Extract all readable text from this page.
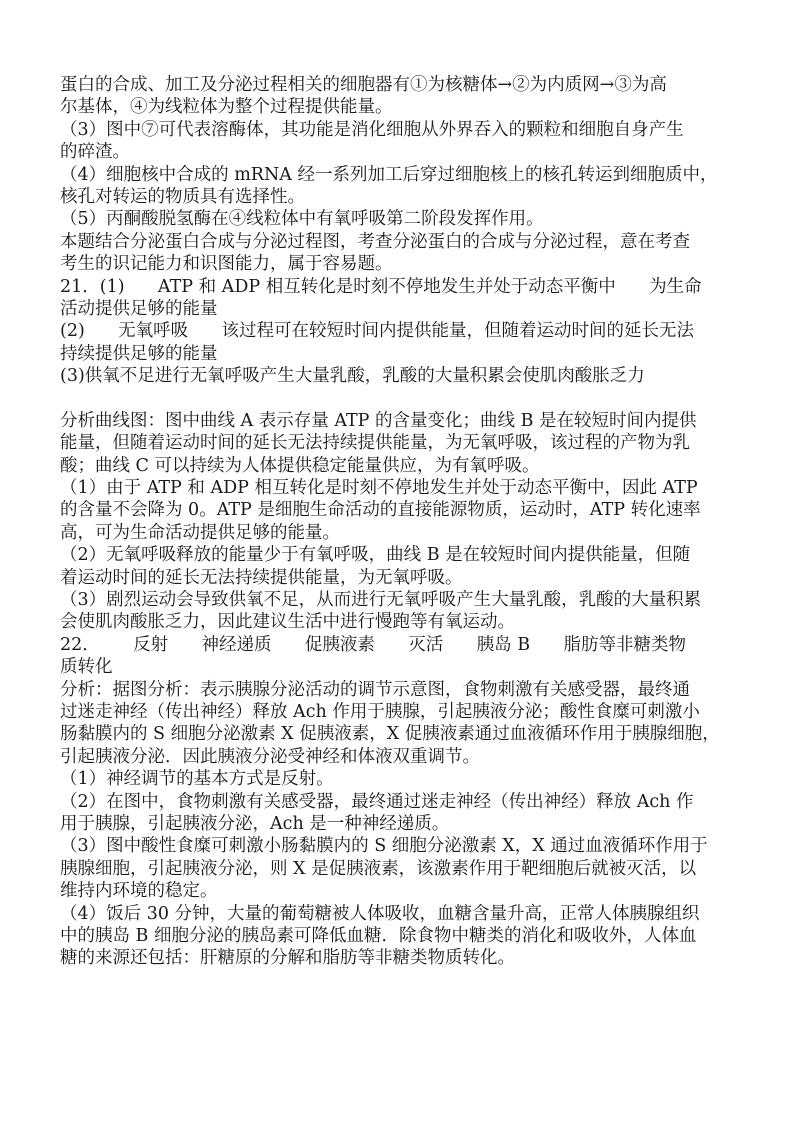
蛋白的合成、加工及分泌过程相关的细胞器有①为核糖体→②为内质网→③为高
尔基体，④为线粒体为整个过程提供能量。
（3）图中⑦可代表溶酶体，其功能是消化细胞从外界吞入的颗粒和细胞自身产生
的碎渣。
（4）细胞核中合成的 mRNA 经一系列加工后穿过细胞核上的核孔转运到细胞质中，
核孔对转运的物质具有选择性。
（5）丙酮酸脱氢酶在④线粒体中有氧呼吸第二阶段发挥作用。
本题结合分泌蛋白合成与分泌过程图，考查分泌蛋白的合成与分泌过程，意在考查
考生的识记能力和识图能力，属于容易题。
21．(1)      ATP 和 ADP 相互转化是时刻不停地发生并处于动态平衡中      为生命
活动提供足够的能量
(2)      无氧呼吸      该过程可在较短时间内提供能量，但随着运动时间的延长无法
持续提供足够的能量
(3)供氧不足进行无氧呼吸产生大量乳酸，乳酸的大量积累会使肌肉酸胀乏力
分析曲线图：图中曲线 A 表示存量 ATP 的含量变化；曲线 B 是在较短时间内提供
能量，但随着运动时间的延长无法持续提供能量，为无氧呼吸，该过程的产物为乳
酸；曲线 C 可以持续为人体提供稳定能量供应，为有氧呼吸。
（1）由于 ATP 和 ADP 相互转化是时刻不停地发生并处于动态平衡中，因此 ATP
的含量不会降为 0。ATP 是细胞生命活动的直接能源物质，运动时，ATP 转化速率
高，可为生命活动提供足够的能量。
（2）无氧呼吸释放的能量少于有氧呼吸，曲线 B 是在较短时间内提供能量，但随
着运动时间的延长无法持续提供能量，为无氧呼吸。
（3）剧烈运动会导致供氧不足，从而进行无氧呼吸产生大量乳酸，乳酸的大量积累
会使肌肉酸胀乏力，因此建议生活中进行慢跑等有氧运动。
22．      反射      神经递质      促胰液素      灭活      胰岛 B      脂肪等非糖类物
质转化
分析：据图分析：表示胰腺分泌活动的调节示意图，食物刺激有关感受器，最终通
过迷走神经（传出神经）释放 Ach 作用于胰腺，引起胰液分泌；酸性食糜可刺激小
肠黏膜内的 S 细胞分泌激素 X 促胰液素，X 促胰液素通过血液循环作用于胰腺细胞，
引起胰液分泌．因此胰液分泌受神经和体液双重调节。
（1）神经调节的基本方式是反射。
（2）在图中，食物刺激有关感受器，最终通过迷走神经（传出神经）释放 Ach 作
用于胰腺，引起胰液分泌，Ach 是一种神经递质。
（3）图中酸性食糜可刺激小肠黏膜内的 S 细胞分泌激素 X，X 通过血液循环作用于
胰腺细胞，引起胰液分泌，则 X 是促胰液素，该激素作用于靶细胞后就被灭活，以
维持内环境的稳定。
（4）饭后 30 分钟，大量的葡萄糖被人体吸收，血糖含量升高，正常人体胰腺组织
中的胰岛 B 细胞分泌的胰岛素可降低血糖．除食物中糖类的消化和吸收外，人体血
糖的来源还包括：肝糖原的分解和脂肪等非糖类物质转化。
